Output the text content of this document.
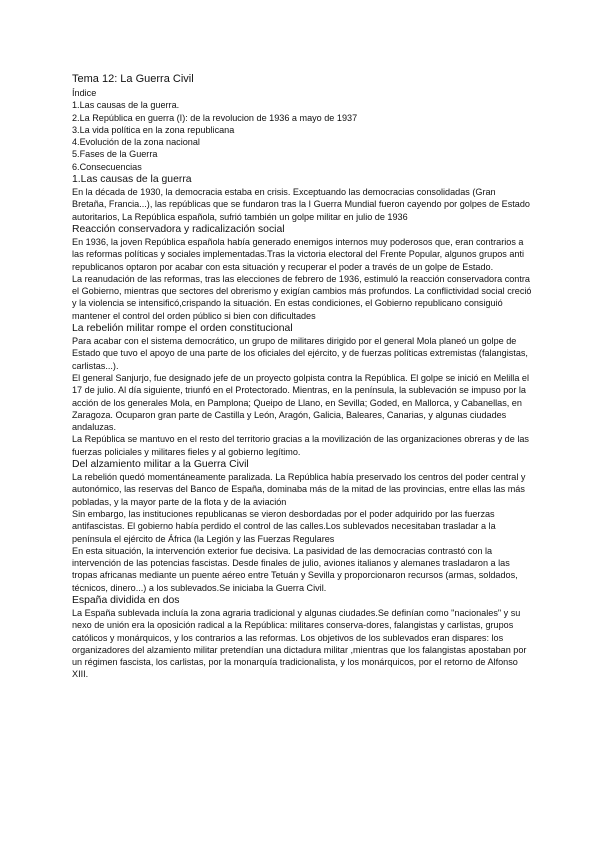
Tema 12: La Guerra Civil
Índice
1.Las causas de la guerra.
2.La República en guerra (I): de la revolucion de 1936 a mayo de 1937
3.La vida política en la zona republicana
4.Evolución de la zona nacional
5.Fases de la Guerra
6.Consecuencias
1.Las causas de la guerra

En la década de 1930, la democracia estaba en crisis. Exceptuando las democracias consolidadas (Gran Bretaña, Francia...), las repúblicas que se fundaron tras la I Guerra Mundial fueron cayendo por golpes de Estado autoritarios, La República española, sufrió también un golpe militar en julio de 1936

Reacción conservadora y radicalización social

En 1936, la joven República española había generado enemigos internos muy poderosos que, eran contrarios a las reformas políticas y sociales implementadas.Tras la victoria electoral del Frente Popular, algunos grupos anti republicanos optaron por acabar con esta situación y recuperar el poder a través de un golpe de Estado.

La reanudación de las reformas, tras las elecciones de febrero de 1936, estimuló la reacción conservadora contra el Gobierno, mientras que sectores del obrerismo y exigían cambios más profundos. La conflictividad social creció y la violencia se intensificó,crispando la situación. En estas condiciones, el Gobierno republicano consiguió mantener el control del orden público si bien con dificultades

La rebelión militar rompe el orden constitucional

Para acabar con el sistema democrático, un grupo de militares dirigido por el general Mola planeó un golpe de Estado que tuvo el apoyo de una parte de los oficiales del ejército, y de fuerzas políticas extremistas (falangistas, carlistas...).

El general Sanjurjo, fue designado jefe de un proyecto golpista contra la República. El golpe se inició en Melilla el 17 de julio. Al día siguiente, triunfó en el Protectorado. Mientras, en la península, la sublevación se impuso por la acción de los generales Mola, en Pamplona; Queipo de Llano, en Sevilla; Goded, en Mallorca, y Cabanellas, en Zaragoza. Ocuparon gran parte de Castilla y León, Aragón, Galicia, Baleares, Canarias, y algunas ciudades andaluzas.

La República se mantuvo en el resto del territorio gracias a la movilización de las organizaciones obreras y de las fuerzas policiales y militares fieles y al gobierno legítimo.

Del alzamiento militar a la Guerra Civil

La rebelión quedó momentáneamente paralizada. La República había preservado los centros del poder central y autonómico, las reservas del Banco de España, dominaba más de la mitad de las provincias, entre ellas las más pobladas, y la mayor parte de la flota y de la aviación

Sin embargo, las instituciones republicanas se vieron desbordadas por el poder adquirido por las fuerzas antifascistas. El gobierno había perdido el control de las calles.Los sublevados necesitaban trasladar a la península el ejército de África (la Legión y las Fuerzas Regulares

En esta situación, la intervención exterior fue decisiva. La pasividad de las democracias contrastó con la intervención de las potencias fascistas. Desde finales de julio, aviones italianos y alemanes trasladaron a las tropas africanas mediante un puente aéreo entre Tetuán y Sevilla y proporcionaron recursos (armas, soldados, técnicos, dinero...) a los sublevados.Se iniciaba la Guerra Civil.

España dividida en dos

La España sublevada incluía la zona agraria tradicional y algunas ciudades.Se definían como "nacionales" y su nexo de unión era la oposición radical a la República: militares conserva-dores, falangistas y carlistas, grupos católicos y monárquicos, y los contrarios a las reformas. Los objetivos de los sublevados eran dispares: los organizadores del alzamiento militar pretendían una dictadura militar ,mientras que los falangistas apostaban por un régimen fascista, los carlistas, por la monarquía tradicionalista, y los monárquicos, por el retorno de Alfonso XIII.
